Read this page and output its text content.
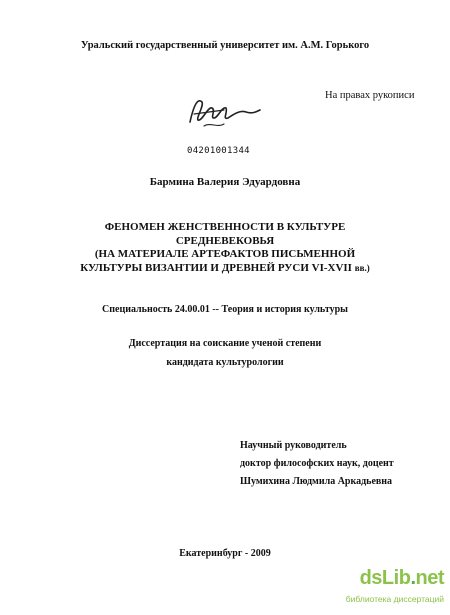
Уральский государственный университет им. А.М. Горького
На правах рукописи
04201001344
Бармина Валерия Эдуардовна
ФЕНОМЕН ЖЕНСТВЕННОСТИ В КУЛЬТУРЕ
СРЕДНЕВЕКОВЬЯ
(НА МАТЕРИАЛЕ АРТЕФАКТОВ ПИСЬМЕННОЙ
КУЛЬТУРЫ ВИЗАНТИИ И ДРЕВНЕЙ РУСИ VI-XVII вв.)
Специальность 24.00.01 -- Теория и история культуры
Диссертация на соискание ученой степени
кандидата культурологии
Научный руководитель
доктор философских наук, доцент
Шумихина Людмила Аркадьевна
Екатеринбург - 2009
dsLib.net
библиотека диссертаций
